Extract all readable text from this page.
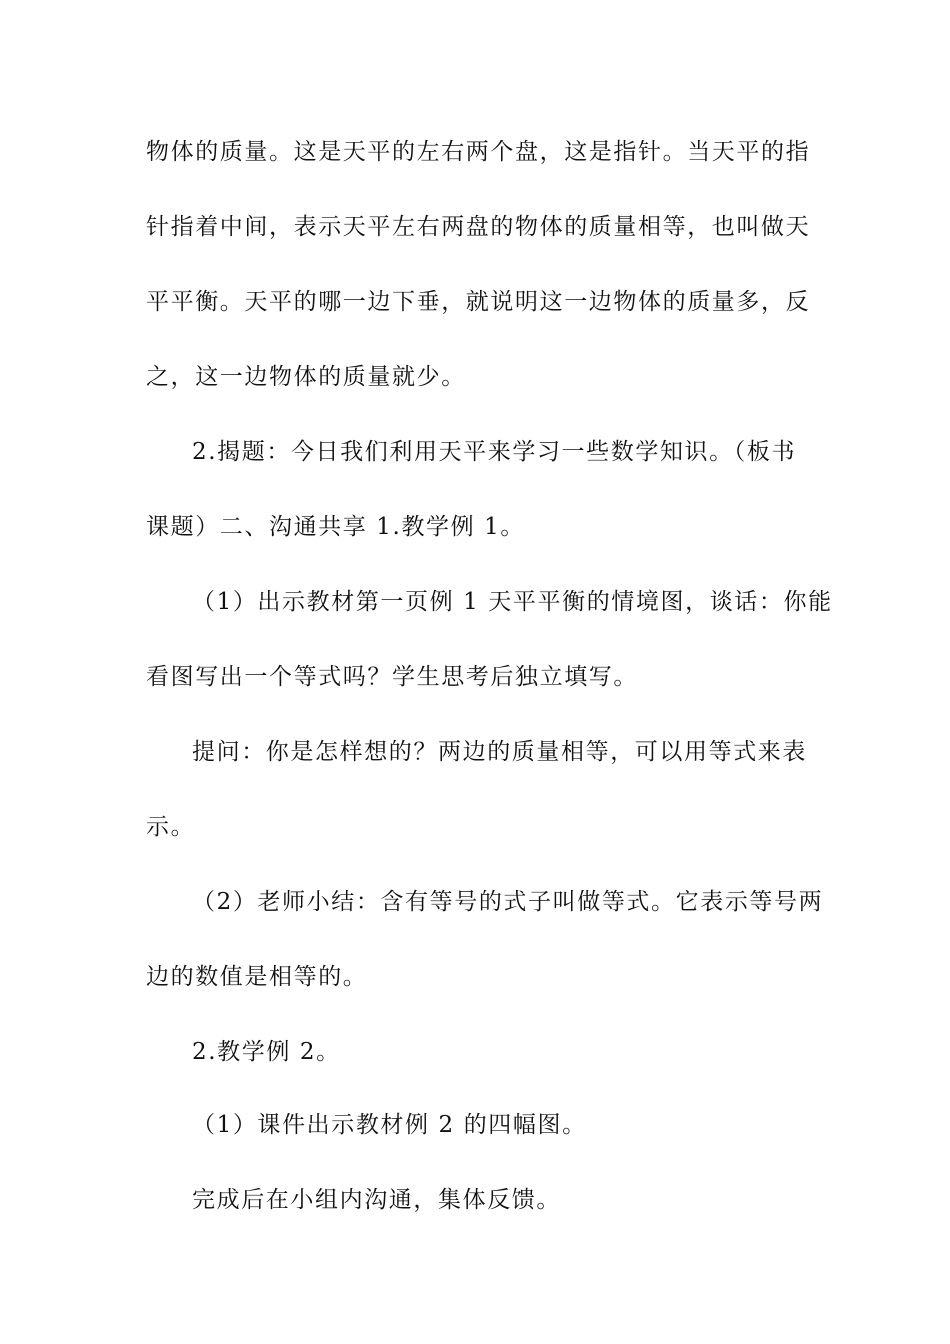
物体的质量。这是天平的左右两个盘，这是指针。当天平的指
针指着中间，表示天平左右两盘的物体的质量相等，也叫做天
平平衡。天平的哪一边下垂，就说明这一边物体的质量多，反
之，这一边物体的质量就少。
2.揭题：今日我们利用天平来学习一些数学知识。（板书
课题）二、沟通共享 1.教学例 1。
（1）出示教材第一页例 1 天平平衡的情境图，谈话：你能
看图写出一个等式吗？学生思考后独立填写。
提问：你是怎样想的？两边的质量相等，可以用等式来表
示。
（2）老师小结：含有等号的式子叫做等式。它表示等号两
边的数值是相等的。
2.教学例 2。
（1）课件出示教材例 2 的四幅图。
完成后在小组内沟通，集体反馈。
